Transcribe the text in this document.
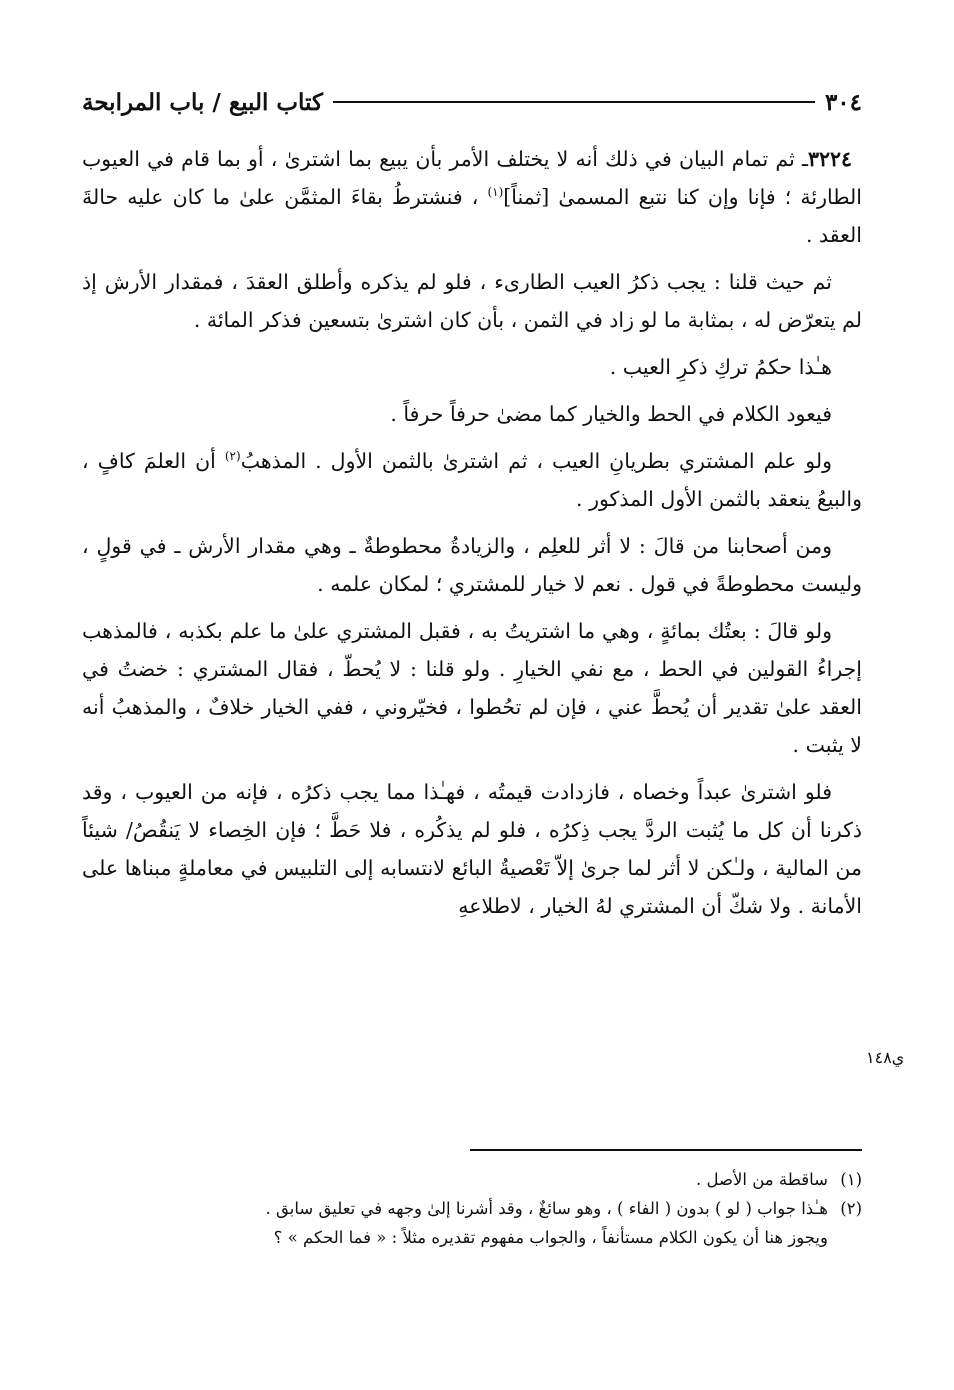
٣٠٤
كتاب البيع / باب المرابحة

٣٢٢٤ـ ثم تمام البيان في ذلك أنه لا يختلف الأمر بأن يبيع بما اشترىٰ ، أو بما قام في العيوب الطارئة ؛ فإنا وإن كنا نتبع المسمىٰ [ثمناً]$^{(١)}$ ، فنشترطُ بقاءَ المثمَّن علىٰ ما كان عليه حالةَ العقد .

ثم حيث قلنا : يجب ذكرُ العيب الطارىء ، فلو لم يذكره وأطلق العقدَ ، فمقدار الأرش إذ لم يتعرّض له ، بمثابة ما لو زاد في الثمن ، بأن كان اشترىٰ بتسعين فذكر المائة .

هـٰذا حكمُ تركِ ذكرِ العيب .

فيعود الكلام في الحط والخيار كما مضىٰ حرفاً حرفاً .

ولو علم المشتري بطريانِ العيب ، ثم اشترىٰ بالثمن الأول . المذهبُ$^{(٢)}$ أن العلمَ كافٍ ، والبيعُ ينعقد بالثمن الأول المذكور .

ومن أصحابنا من قالَ : لا أثر للعلِم ، والزيادةُ محطوطةٌ ـ وهي مقدار الأرش ـ في قولٍ ، وليست محطوطةً في قول . نعم لا خيار للمشتري ؛ لمكان علمه .

ولو قالَ : بعتُك بمائةٍ ، وهي ما اشتريتُ به ، فقبل المشتري علىٰ ما علم بكذبه ، فالمذهب إجراءُ القولين في الحط ، مع نفي الخيارِ . ولو قلنا : لا يُحطّ ، فقال المشتري : خضتُ في العقد علىٰ تقدير أن يُحطَّ عني ، فإن لم تحُطوا ، فخيّروني ، ففي الخيار خلافٌ ، والمذهبُ أنه لا يثبت .

فلو اشترىٰ عبداً وخصاه ، فازدادت قيمتُه ، فهـٰذا مما يجب ذكرُه ، فإنه من العيوب ، وقد ذكرنا أن كل ما يُثبت الردَّ يجب ذِكرُه ، فلو لم يذكُره ، فلا حَطَّ ؛ فإن الخِصاء لا يَنقُصُ/ شيئاً من المالية ، ولـٰكن لا أثر لما جرىٰ إلاّ تَعْصيةُ البائع لانتسابه إلى التلبيس في معاملةٍ مبناها على الأمانة . ولا شكّ أن المشتري لهُ الخيار ، لاطلاعهِ

ي١٤٨
(١)
ساقطة من الأصل .
(٢)
هـٰذا جواب ( لو ) بدون ( الفاء ) ، وهو سائغٌ ، وقد أشرنا إلىٰ وجهه في تعليق سابق .
ويجوز هنا أن يكون الكلام مستأنفاً ، والجواب مفهوم تقديره مثلاً : « فما الحكم » ؟
